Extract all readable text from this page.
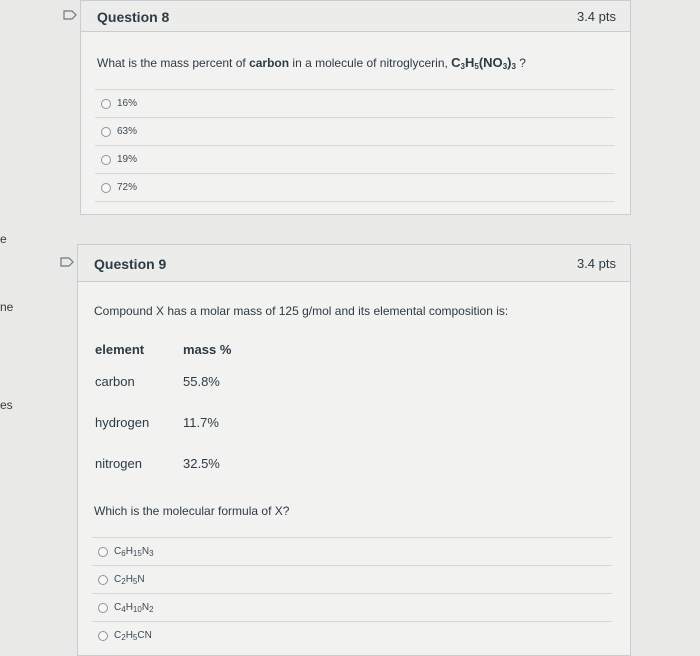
e
ne
es
Question 8	3.4 pts
What is the mass percent of carbon in a molecule of nitroglycerin, $C_3H_5(NO_3)_3$ ?
16%
63%
19%
72%
Question 9	3.4 pts
Compound X has a molar mass of 125 g/mol and its elemental composition is:
element	mass %
carbon	55.8%
hydrogen	11.7%
nitrogen	32.5%
Which is the molecular formula of X?
$C_6H_{15}N_3$
$C_2H_5N$
$C_4H_{10}N_2$
$C_2H_5CN$
